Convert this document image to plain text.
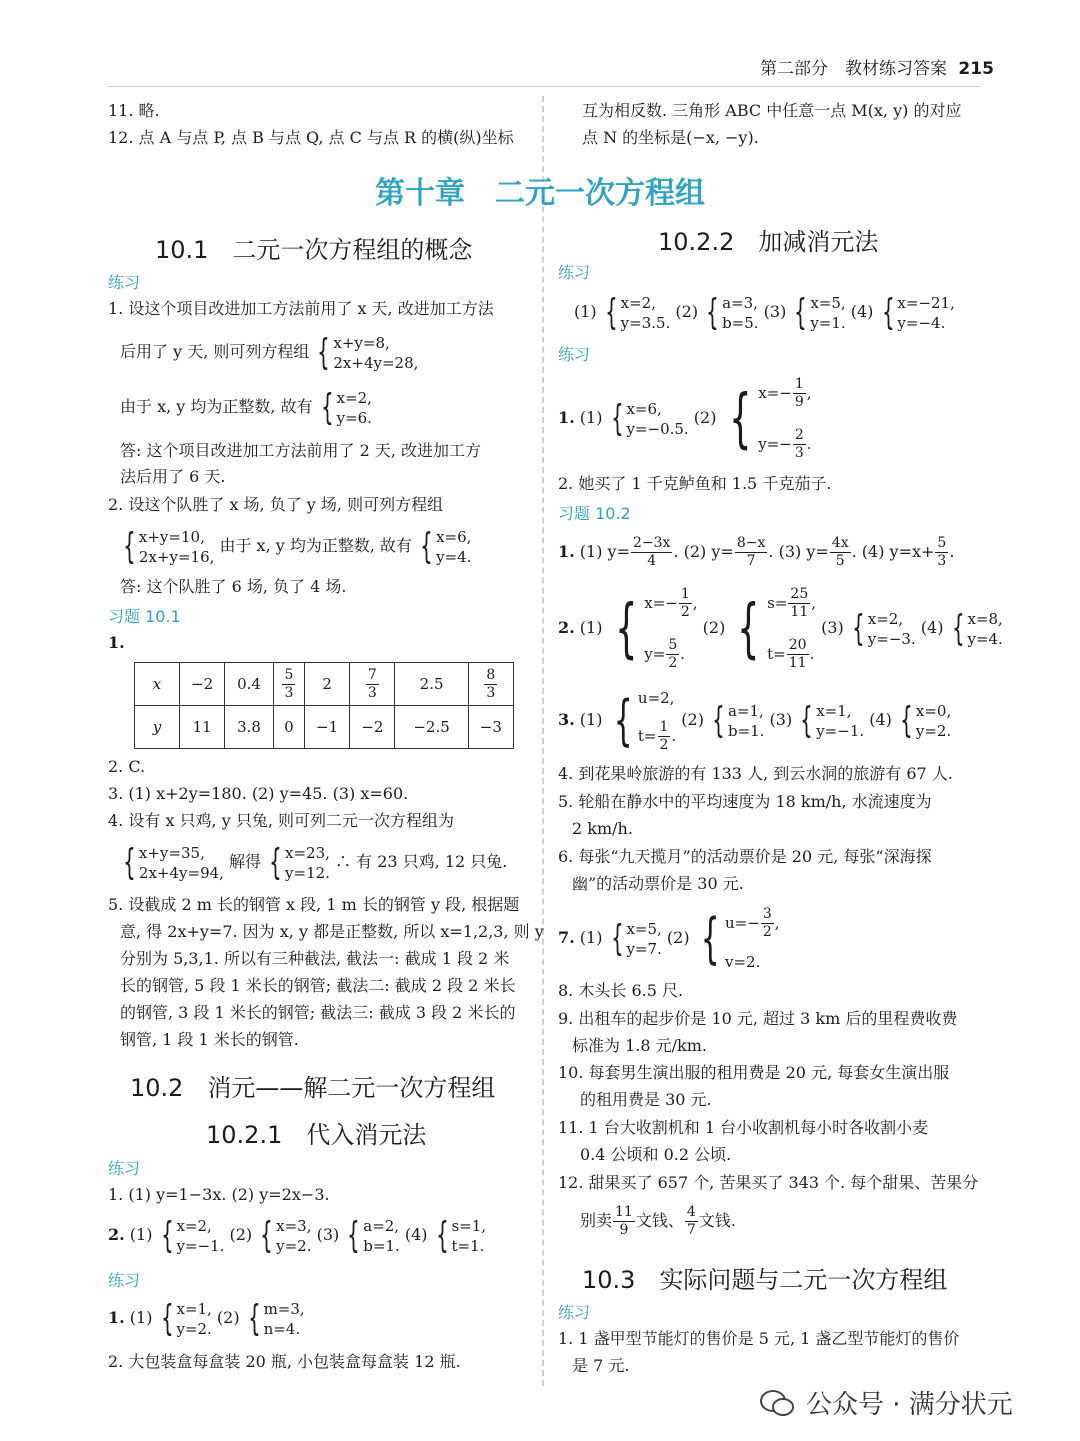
第二部分　教材练习答案 215
11. 略.
12. 点 A 与点 P, 点 B 与点 Q, 点 C 与点 R 的横(纵)坐标
互为相反数. 三角形 ABC 中任意一点 M(x, y) 的对应
点 N 的坐标是(−x, −y).
第十章　二元一次方程组
10.1　二元一次方程组的概念
练习
1. 设这个项目改进加工方法前用了 x 天, 改进加工方法
后用了 y 天, 则可列方程组 { x+y=8,
2x+4y=28,
由于 x, y 均为正整数, 故有 { x=2,
y=6.
答: 这个项目改进加工方法前用了 2 天, 改进加工方
法后用了 6 天.
2. 设这个队胜了 x 场, 负了 y 场, 则可列方程组
{ x+y=10,
2x+y=16,
由于 x, y 均为正整数, 故有 { x=6,
y=4.
答: 这个队胜了 6 场, 负了 4 场.
习题 10.1
1.
x	−2	0.4	$\frac{5}{3}$	2	$\frac{7}{3}$	2.5	$\frac{8}{3}$

y	11	3.8	0	−1	−2	−2.5	−3
2. C.
3. (1) x+2y=180. (2) y=45. (3) x=60.
4. 设有 x 只鸡, y 只兔, 则可列二元一次方程组为
{ x+y=35,
2x+4y=94,
解得 { x=23,
y=12.
∴ 有 23 只鸡, 12 只兔.
5. 设截成 2 m 长的钢管 x 段, 1 m 长的钢管 y 段, 根据题
意, 得 2x+y=7. 因为 x, y 都是正整数, 所以 x=1,2,3, 则 y
分别为 5,3,1. 所以有三种截法, 截法一: 截成 1 段 2 米
长的钢管, 5 段 1 米长的钢管; 截法二: 截成 2 段 2 米长
的钢管, 3 段 1 米长的钢管; 截法三: 截成 3 段 2 米长的
钢管, 1 段 1 米长的钢管.
10.2　消元——解二元一次方程组
10.2.1　代入消元法
练习
1. (1) y=1−3x. (2) y=2x−3.
2. (1) { x=2,
y=−1.
(2) { x=3,
y=2.
(3) { a=2,
b=1.
(4) { s=1,
t=1.
练习
1. (1) { x=1,
y=2.
(2) { m=3,
n=4.
2. 大包装盒每盒装 20 瓶, 小包装盒每盒装 12 瓶.
10.2.2　加减消元法
练习
(1) { x=2,
y=3.5.
(2) { a=3,
b=5.
(3) { x=5,
y=1.
(4) { x=−21,
y=−4.
练习
1. (1) { x=6,
y=−0.5.
(2) { $x=- \frac{1}{9}$ ,
$y=- \frac{2}{3}$ .
2. 她买了 1 千克鲈鱼和 1.5 千克茄子.
习题 10.2
1. (1) $y= \frac{2-3x}{4}$ . (2) $y= \frac{8-x}{7}$ . (3) $y= \frac{4x}{5}$ . (4) $y=x+ \frac{5}{3}$ .
2. (1) { $x=- \frac{1}{2}$ ,
$y= \frac{5}{2}$ .
(2) { $s= \frac{25}{11}$ ,
$t= \frac{20}{11}$ .
(3) { x=2,
y=−3.
(4) { x=8,
y=4.
3. (1) { u=2,
$t= \frac{1}{2}$ .
(2) { a=1,
b=1.
(3) { x=1,
y=−1.
(4) { x=0,
y=2.
4. 到花果岭旅游的有 133 人, 到云水洞的旅游有 67 人.
5. 轮船在静水中的平均速度为 18 km/h, 水流速度为
2 km/h.
6. 每张“九天揽月”的活动票价是 20 元, 每张“深海探
幽”的活动票价是 30 元.
7. (1) { x=5,
y=7.
(2) { $u=- \frac{3}{2}$ ,
v=2.
8. 木头长 6.5 尺.
9. 出租车的起步价是 10 元, 超过 3 km 后的里程费收费
标准为 1.8 元/km.
10. 每套男生演出服的租用费是 20 元, 每套女生演出服
的租用费是 30 元.
11. 1 台大收割机和 1 台小收割机每小时各收割小麦
0.4 公顷和 0.2 公顷.
12. 甜果买了 657 个, 苦果买了 343 个. 每个甜果、苦果分
别卖 $\frac{11}{9}$ 文钱、 $\frac{4}{7}$ 文钱.
10.3　实际问题与二元一次方程组
练习
1. 1 盏甲型节能灯的售价是 5 元, 1 盏乙型节能灯的售价
是 7 元.
公众号 · 满分状元
